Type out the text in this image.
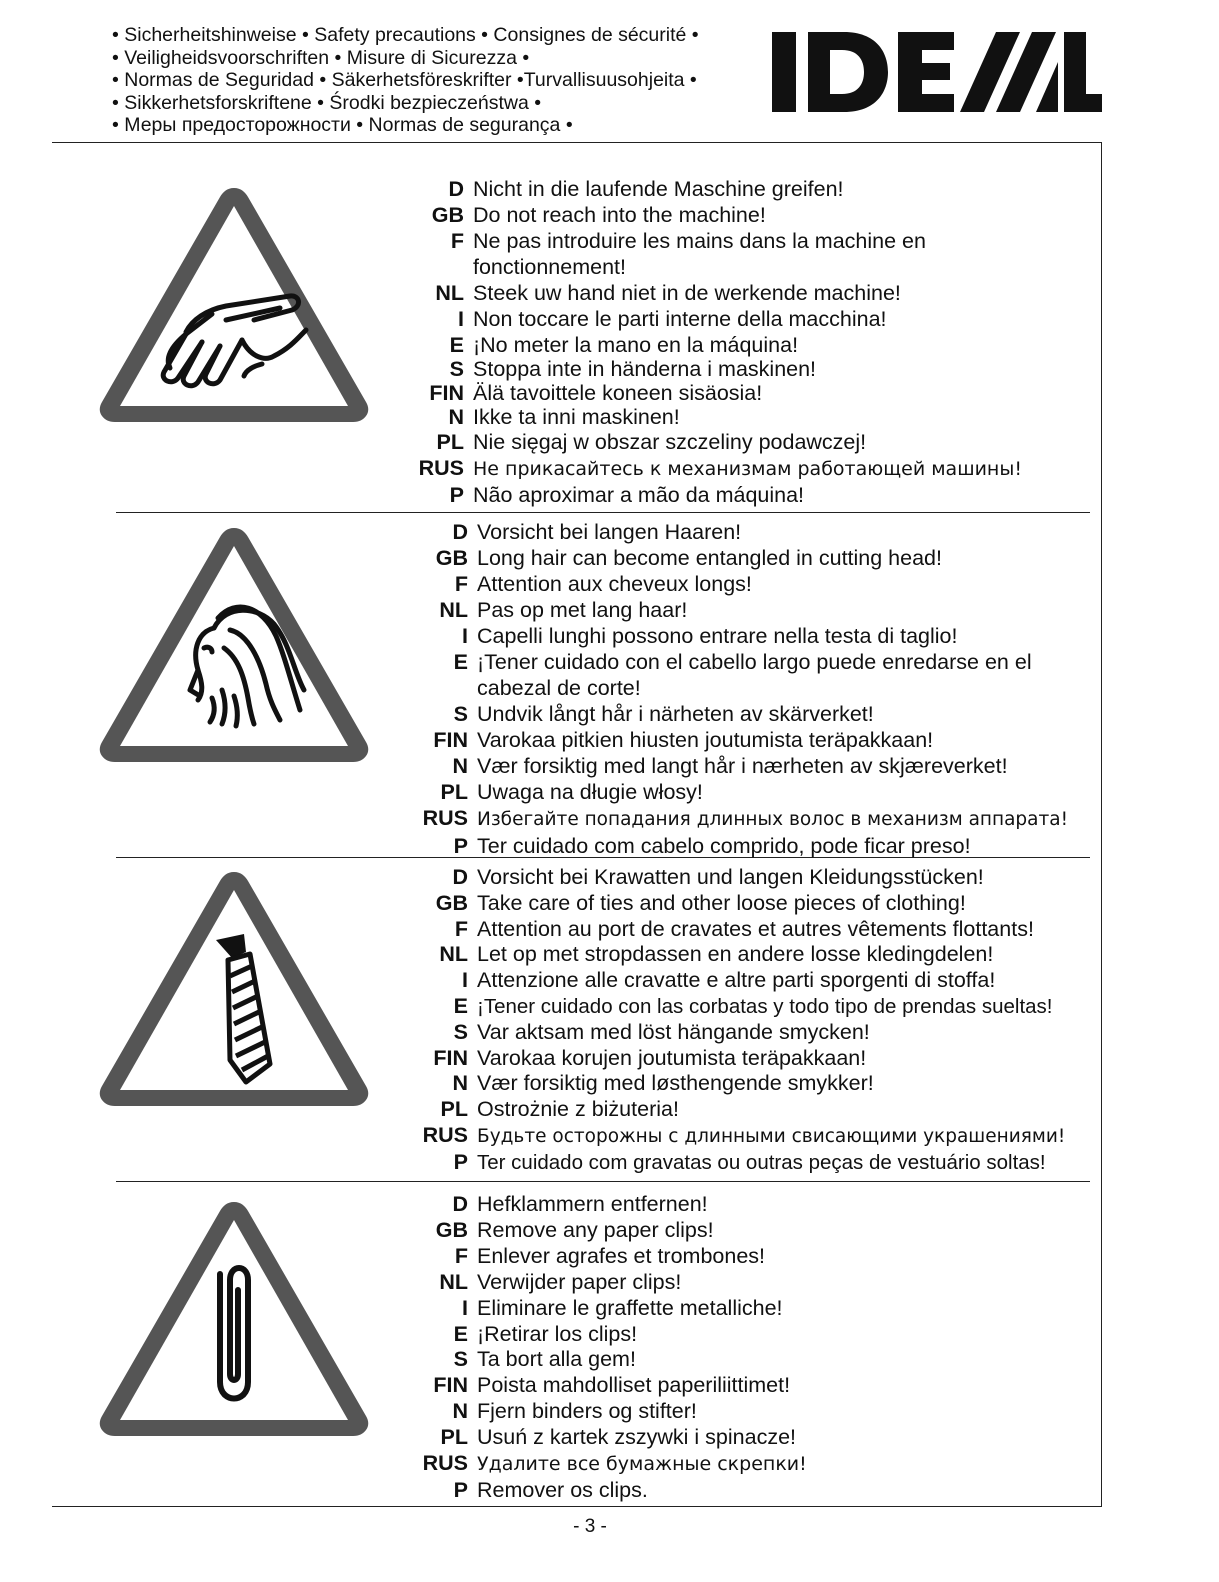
• Sicherheitshinweise • Safety precautions • Consignes de sécurité •
• Veiligheidsvoorschriften • Misure di Sicurezza •
• Normas de Seguridad • Säkerhetsföreskrifter •Turvallisuusohjeita •
• Sikkerhetsforskriftene • Środki bezpieczeństwa •
• Меры предосторожности • Normas de segurança •
D Nicht in die laufende Maschine greifen!
GB Do not reach into the machine!
F Ne pas introduire les mains dans la machine en
fonctionnement!
NL Steek uw hand niet in de werkende machine!
I Non toccare le parti interne della macchina!
E ¡No meter la mano en la máquina!
S Stoppa inte in händerna i maskinen!
FIN Älä tavoittele koneen sisäosia!
N Ikke ta inni maskinen!
PL Nie sięgaj w obszar szczeliny podawczej!
RUS Не прикасайтесь к механизмам работающей машины!
P Não aproximar a mão da máquina!
D Vorsicht bei langen Haaren!
GB Long hair can become entangled in cutting head!
F Attention aux cheveux longs!
NL Pas op met lang haar!
I Capelli lunghi possono entrare nella testa di taglio!
E ¡Tener cuidado con el cabello largo puede enredarse en el
cabezal de corte!
S Undvik långt hår i närheten av skärverket!
FIN Varokaa pitkien hiusten joutumista teräpakkaan!
N Vær forsiktig med langt hår i nærheten av skjæreverket!
PL Uwaga na długie włosy!
RUS Избегайте попадания длинных волос в механизм аппарата!
P Ter cuidado com cabelo comprido, pode ficar preso!
D Vorsicht bei Krawatten und langen Kleidungsstücken!
GB Take care of ties and other loose pieces of clothing!
F Attention au port de cravates et autres vêtements flottants!
NL Let op met stropdassen en andere losse kledingdelen!
I Attenzione alle cravatte e altre parti sporgenti di stoffa!
E ¡Tener cuidado con las corbatas y todo tipo de prendas sueltas!
S Var aktsam med löst hängande smycken!
FIN Varokaa korujen joutumista teräpakkaan!
N Vær forsiktig med løsthengende smykker!
PL Ostrożnie z biżuteria!
RUS Будьте осторожны с длинными свисающими украшениями!
P Ter cuidado com gravatas ou outras peças de vestuário soltas!
D Hefklammern entfernen!
GB Remove any paper clips!
F Enlever agrafes et trombones!
NL Verwijder paper clips!
I Eliminare le graffette metalliche!
E ¡Retirar los clips!
S Ta bort alla gem!
FIN Poista mahdolliset paperiliittimet!
N Fjern binders og stifter!
PL Usuń z kartek zszywki i spinacze!
RUS Удалите все бумажные скрепки!
P Remover os clips.
- 3 -
